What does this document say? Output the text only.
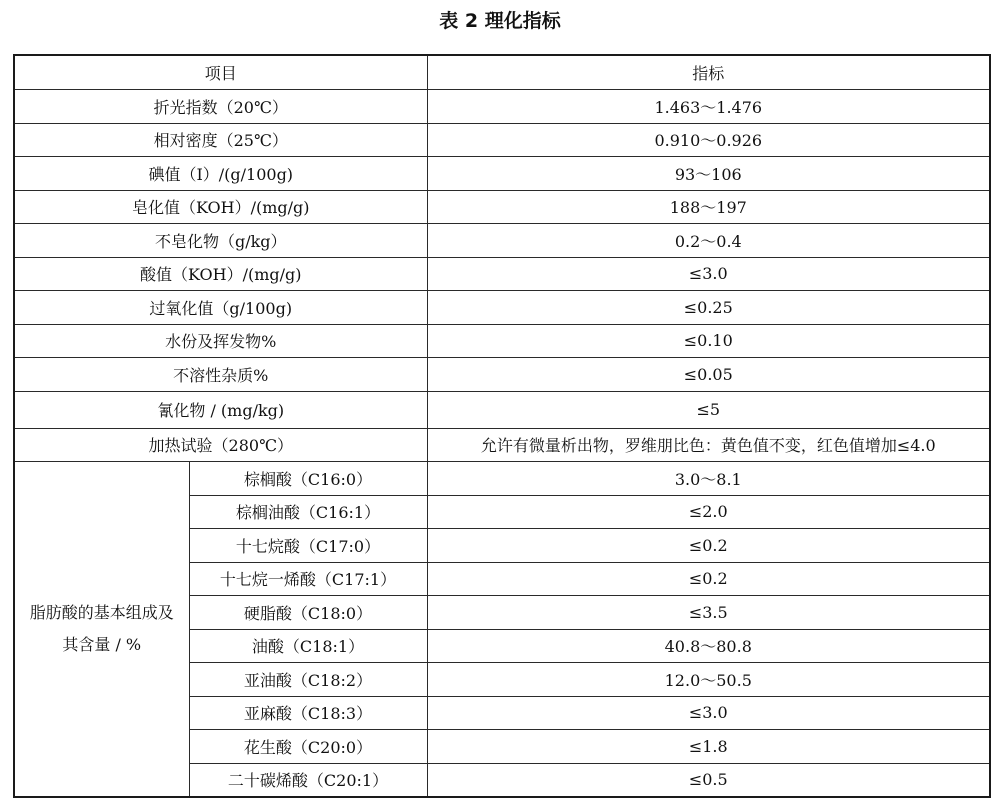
表 2 理化指标
项目		指标
折光指数（20℃）		1.463～1.476
相对密度（25℃）		0.910～0.926
碘值（I）/(g/100g)		93～106
皂化值（KOH）/(mg/g)		188～197
不皂化物（g/kg）		0.2～0.4
酸值（KOH）/(mg/g)		≤3.0
过氧化值（g/100g)		≤0.25
水份及挥发物%		≤0.10
不溶性杂质%		≤0.05
氰化物 / (mg/kg)		≤5
加热试验（280℃）		允许有微量析出物，罗维朋比色：黄色值不变，红色值增加≤4.0

脂肪酸的基本组成及
其含量 / %	棕榈酸（C16:0）	3.0～8.1
	棕榈油酸（C16:1）	≤2.0
	十七烷酸（C17:0）	≤0.2
	十七烷一烯酸（C17:1）	≤0.2
	硬脂酸（C18:0）	≤3.5
	油酸（C18:1）	40.8～80.8
	亚油酸（C18:2）	12.0～50.5
	亚麻酸（C18:3）	≤3.0
	花生酸（C20:0）	≤1.8
	二十碳烯酸（C20:1）	≤0.5
